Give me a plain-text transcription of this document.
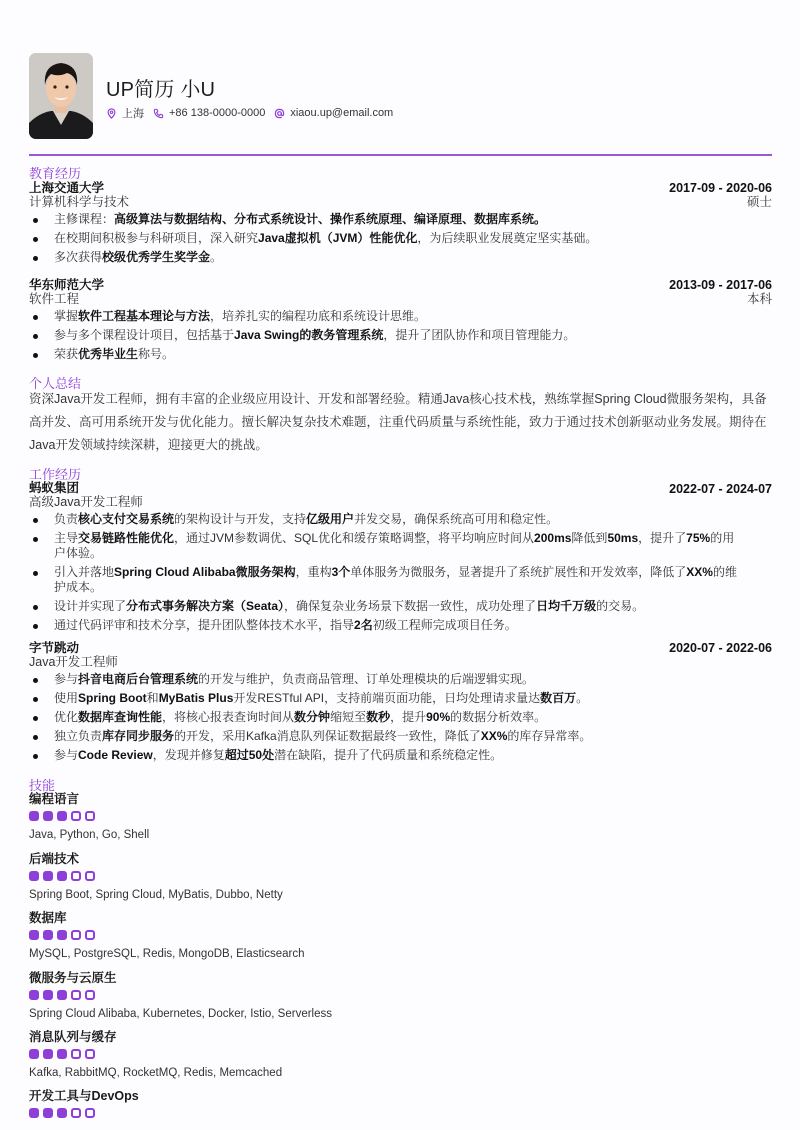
UP简历 小U
上海 +86 138-0000-0000 xiaou.up@email.com
教育经历
上海交通大学
计算机科学与技术
2017-09 - 2020-06
硕士
主修课程：高级算法与数据结构、分布式系统设计、操作系统原理、编译原理、数据库系统。
在校期间积极参与科研项目，深入研究Java虚拟机（JVM）性能优化，为后续职业发展奠定坚实基础。
多次获得校级优秀学生奖学金。
华东师范大学
软件工程
2013-09 - 2017-06
本科
掌握软件工程基本理论与方法，培养扎实的编程功底和系统设计思维。
参与多个课程设计项目，包括基于Java Swing的教务管理系统，提升了团队协作和项目管理能力。
荣获优秀毕业生称号。
个人总结
资深Java开发工程师，拥有丰富的企业级应用设计、开发和部署经验。精通Java核心技术栈，熟练掌握Spring Cloud微服务架构，具备高并发、高可用系统开发与优化能力。擅长解决复杂技术难题，注重代码质量与系统性能，致力于通过技术创新驱动业务发展。期待在Java开发领域持续深耕，迎接更大的挑战。
工作经历
蚂蚁集团
高级Java开发工程师
2022-07 - 2024-07
负责核心支付交易系统的架构设计与开发，支持亿级用户并发交易，确保系统高可用和稳定性。
主导交易链路性能优化，通过JVM参数调优、SQL优化和缓存策略调整，将平均响应时间从200ms降低到50ms，提升了75%的用户体验。
引入并落地Spring Cloud Alibaba微服务架构，重构3个单体服务为微服务，显著提升了系统扩展性和开发效率，降低了XX%的维护成本。
设计并实现了分布式事务解决方案（Seata），确保复杂业务场景下数据一致性，成功处理了日均千万级的交易。
通过代码评审和技术分享，提升团队整体技术水平，指导2名初级工程师完成项目任务。
字节跳动
Java开发工程师
2020-07 - 2022-06
参与抖音电商后台管理系统的开发与维护，负责商品管理、订单处理模块的后端逻辑实现。
使用Spring Boot和MyBatis Plus开发RESTful API，支持前端页面功能，日均处理请求量达数百万。
优化数据库查询性能，将核心报表查询时间从数分钟缩短至数秒，提升90%的数据分析效率。
独立负责库存同步服务的开发，采用Kafka消息队列保证数据最终一致性，降低了XX%的库存异常率。
参与Code Review，发现并修复超过50处潜在缺陷，提升了代码质量和系统稳定性。
技能
编程语言
Java, Python, Go, Shell
后端技术
Spring Boot, Spring Cloud, MyBatis, Dubbo, Netty
数据库
MySQL, PostgreSQL, Redis, MongoDB, Elasticsearch
微服务与云原生
Spring Cloud Alibaba, Kubernetes, Docker, Istio, Serverless
消息队列与缓存
Kafka, RabbitMQ, RocketMQ, Redis, Memcached
开发工具与DevOps
